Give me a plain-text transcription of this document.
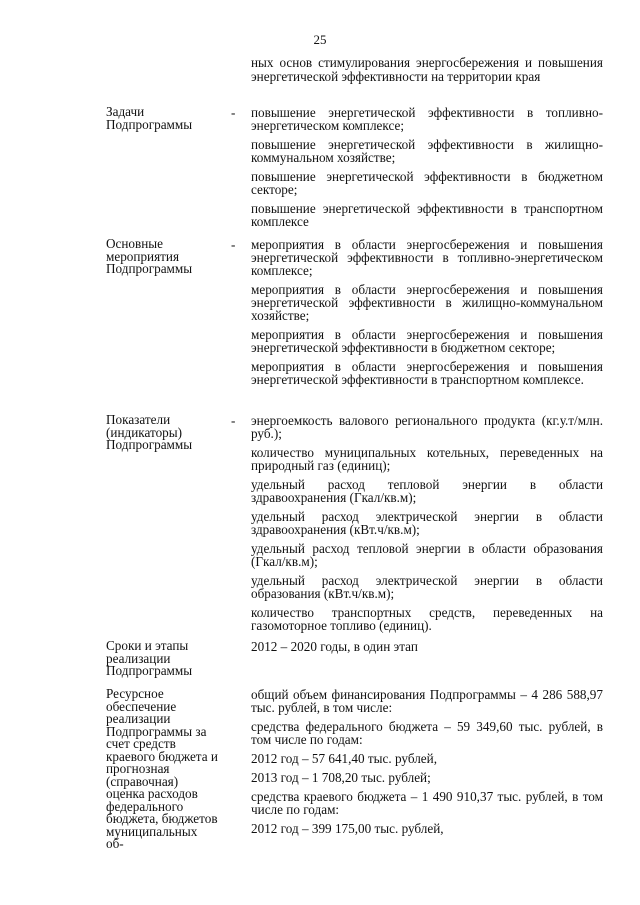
25
ных основ стимулирования энергосбережения и повышения энергетической эффективности на территории края
Задачи Подпрограммы
- повышение энергетической эффективности в топливно-энергетическом комплексе;
повышение энергетической эффективности в жилищно-коммунальном хозяйстве;
повышение энергетической эффективности в бюджетном секторе;
повышение энергетической эффективности в транспортном комплексе
Основные мероприятия Подпрограммы
- мероприятия в области энергосбережения и повышения энергетической эффективности в топливно-энергетическом комплексе;
мероприятия в области энергосбережения и повышения энергетической эффективности в жилищно-коммунальном хозяйстве;
мероприятия в области энергосбережения и повышения энергетической эффективности в бюджетном секторе;
мероприятия в области энергосбережения и повышения энергетической эффективности в транспортном комплексе.
Показатели (индикаторы) Подпрограммы
- энергоемкость валового регионального продукта (кг.у.т/млн. руб.);
количество муниципальных котельных, переведенных на природный газ (единиц);
удельный расход тепловой энергии в области здравоохранения (Гкал/кв.м);
удельный расход электрической энергии в области здравоохранения (кВт.ч/кв.м);
удельный расход тепловой энергии в области образования (Гкал/кв.м);
удельный расход электрической энергии в области образования (кВт.ч/кв.м);
количество транспортных средств, переведенных на газомоторное топливо (единиц).
Сроки и этапы реализации Подпрограммы
2012 – 2020 годы, в один этап
Ресурсное обеспечение реализации Подпрограммы за счет средств краевого бюджета и прогнозная (справочная) оценка расходов федерального бюджета, бюджетов муниципальных об-
общий объем финансирования Подпрограммы – 4 286 588,97 тыс. рублей, в том числе:
средства федерального бюджета – 59 349,60 тыс. рублей, в том числе по годам:
2012 год – 57 641,40 тыс. рублей,
2013 год – 1 708,20 тыс. рублей;
средства краевого бюджета – 1 490 910,37 тыс. рублей, в том числе по годам:
2012 год – 399 175,00 тыс. рублей,
